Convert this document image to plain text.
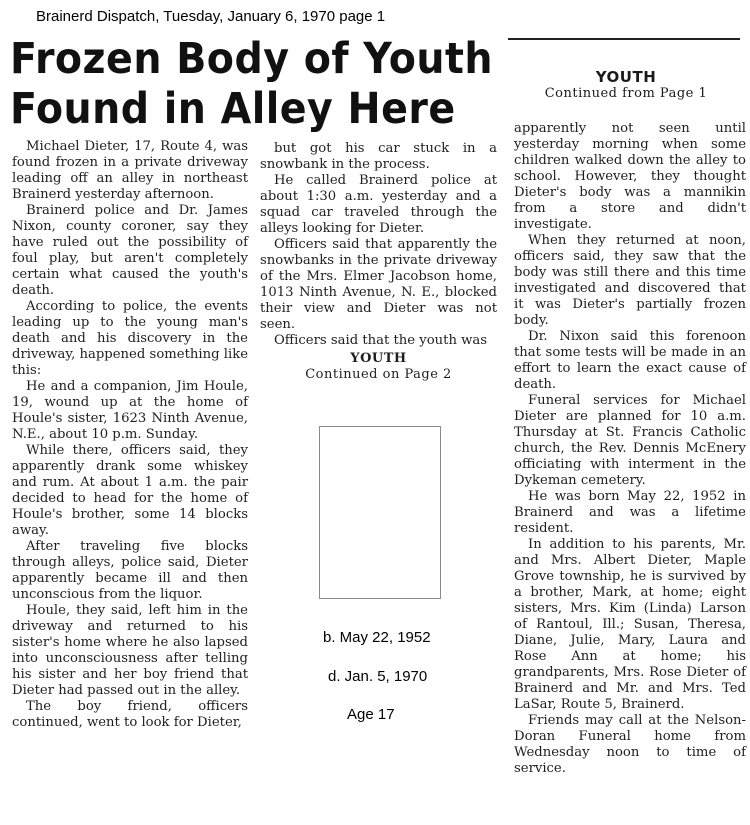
Brainerd Dispatch, Tuesday, January 6, 1970 page 1
Frozen Body of Youth
Found in Alley Here
YOUTH
Continued from Page 1

Michael Dieter, 17, Route 4, was found frozen in a private driveway leading off an alley in northeast Brainerd yesterday afternoon.

Brainerd police and Dr. James Nixon, county coroner, say they have ruled out the possibility of foul play, but aren't completely certain what caused the youth's death.

According to police, the events leading up to the young man's death and his discovery in the driveway, happened something like this:

He and a companion, Jim Houle, 19, wound up at the home of Houle's sister, 1623 Ninth Avenue, N.E., about 10 p.m. Sunday.

While there, officers said, they apparently drank some whiskey and rum. At about 1 a.m. the pair decided to head for the home of Houle's brother, some 14 blocks away.

After traveling five blocks through alleys, police said, Dieter apparently became ill and then unconscious from the liquor.

Houle, they said, left him in the driveway and returned to his sister's home where he also lapsed into unconsciousness after telling his sister and her boy friend that Dieter had passed out in the alley.

The boy friend, officers continued, went to look for Dieter,

but got his car stuck in a snowbank in the process.

He called Brainerd police at about 1:30 a.m. yesterday and a squad car traveled through the alleys looking for Dieter.

Officers said that apparently the snowbanks in the private driveway of the Mrs. Elmer Jacobson home, 1013 Ninth Avenue, N. E., blocked their view and Dieter was not seen.

Officers said that the youth was

YOUTH
Continued on Page 2

apparently not seen until yesterday morning when some children walked down the alley to school. However, they thought Dieter's body was a mannikin from a store and didn't investigate.

When they returned at noon, officers said, they saw that the body was still there and this time investigated and discovered that it was Dieter's partially frozen body.

Dr. Nixon said this forenoon that some tests will be made in an effort to learn the exact cause of death.

Funeral services for Michael Dieter are planned for 10 a.m. Thursday at St. Francis Catholic church, the Rev. Dennis McEnery officiating with interment in the Dykeman cemetery.

He was born May 22, 1952 in Brainerd and was a lifetime resident.

In addition to his parents, Mr. and Mrs. Albert Dieter, Maple Grove township, he is survived by a brother, Mark, at home; eight sisters, Mrs. Kim (Linda) Larson of Rantoul, Ill.; Susan, Theresa, Diane, Julie, Mary, Laura and Rose Ann at home; his grandparents, Mrs. Rose Dieter of Brainerd and Mr. and Mrs. Ted LaSar, Route 5, Brainerd.

Friends may call at the Nelson-Doran Funeral home from Wednesday noon to time of service.

b. May 22, 1952
d. Jan. 5, 1970
Age 17
